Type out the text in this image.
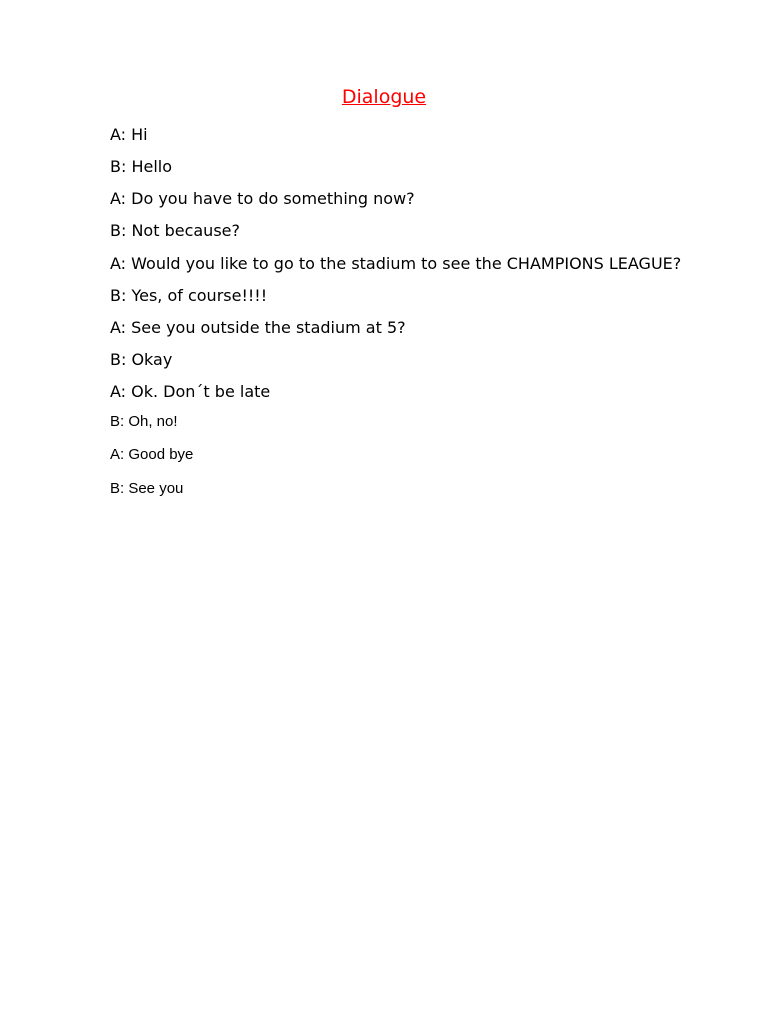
Dialogue
A: Hi
B: Hello
A: Do you have to do something now?
B: Not because?
A: Would you like to go to the stadium to see the CHAMPIONS LEAGUE?
B: Yes, of course!!!!
A: See you outside the stadium at 5?
B: Okay
A: Ok. Don´t be late
B: Oh, no!
A: Good bye
B: See you
